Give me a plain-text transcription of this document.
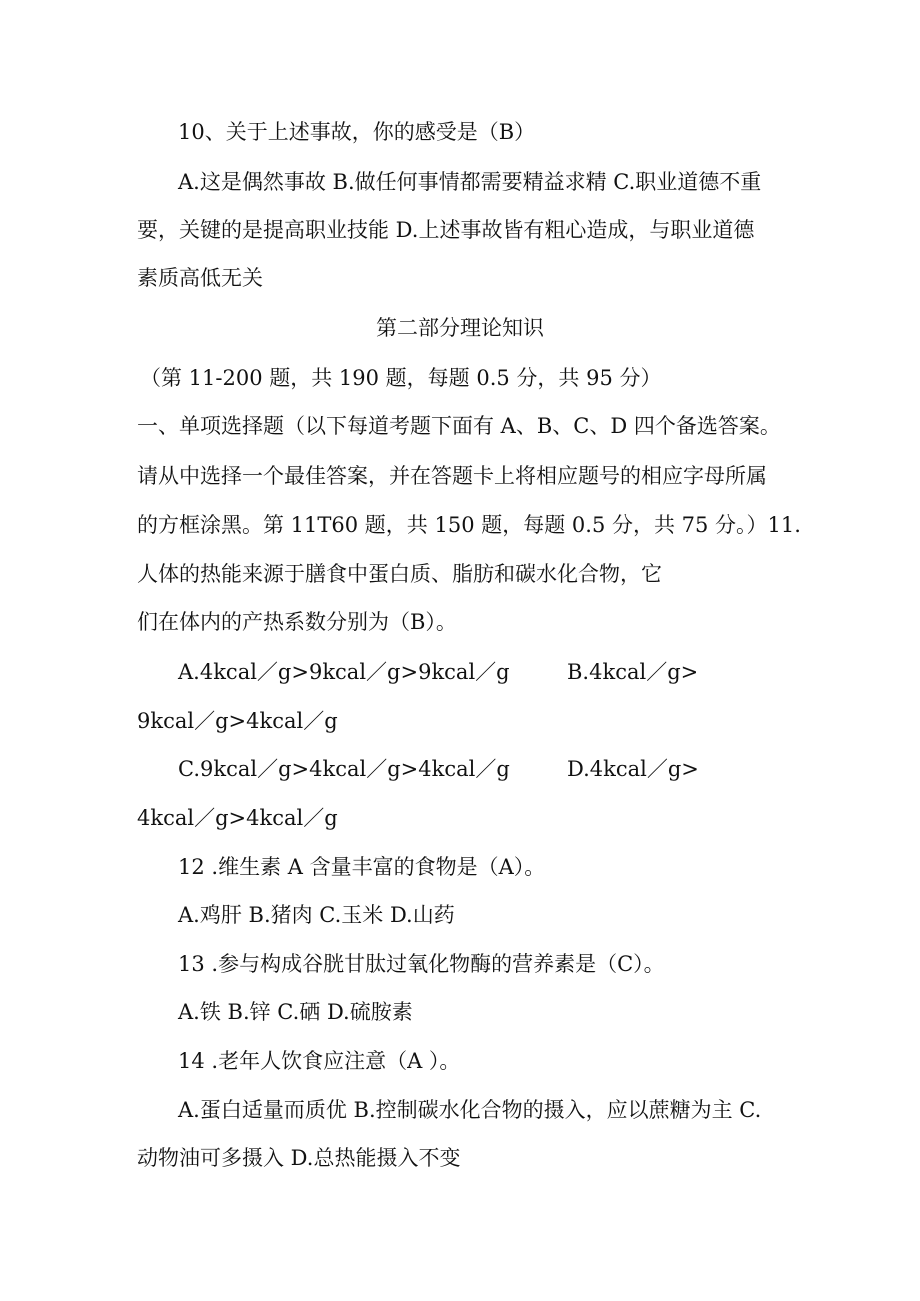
10、关于上述事故，你的感受是（B）
A.这是偶然事故 B.做任何事情都需要精益求精 C.职业道德不重
要，关键的是提高职业技能 D.上述事故皆有粗心造成，与职业道德
素质高低无关
第二部分理论知识
（第 11-200 题，共 190 题，每题 0.5 分，共 95 分）
一、单项选择题（以下每道考题下面有 A、B、C、D 四个备选答案。
请从中选择一个最佳答案，并在答题卡上将相应题号的相应字母所属
的方框涂黑。第 11T60 题，共 150 题，每题 0.5 分，共 75 分。）11.
人体的热能来源于膳食中蛋白质、脂肪和碳水化合物，它
们在体内的产热系数分别为（B）。
A.4kcal／g>9kcal／g>9kcal／g	B.4kcal／g>
9kcal／g>4kcal／g
C.9kcal／g>4kcal／g>4kcal／g	D.4kcal／g>
4kcal／g>4kcal／g
12 .维生素 A 含量丰富的食物是（A）。
A.鸡肝 B.猪肉 C.玉米 D.山药
13 .参与构成谷胱甘肽过氧化物酶的营养素是（C）。
A.铁 B.锌 C.硒 D.硫胺素
14 .老年人饮食应注意（A ）。
A.蛋白适量而质优 B.控制碳水化合物的摄入，应以蔗糖为主 C.
动物油可多摄入 D.总热能摄入不变
